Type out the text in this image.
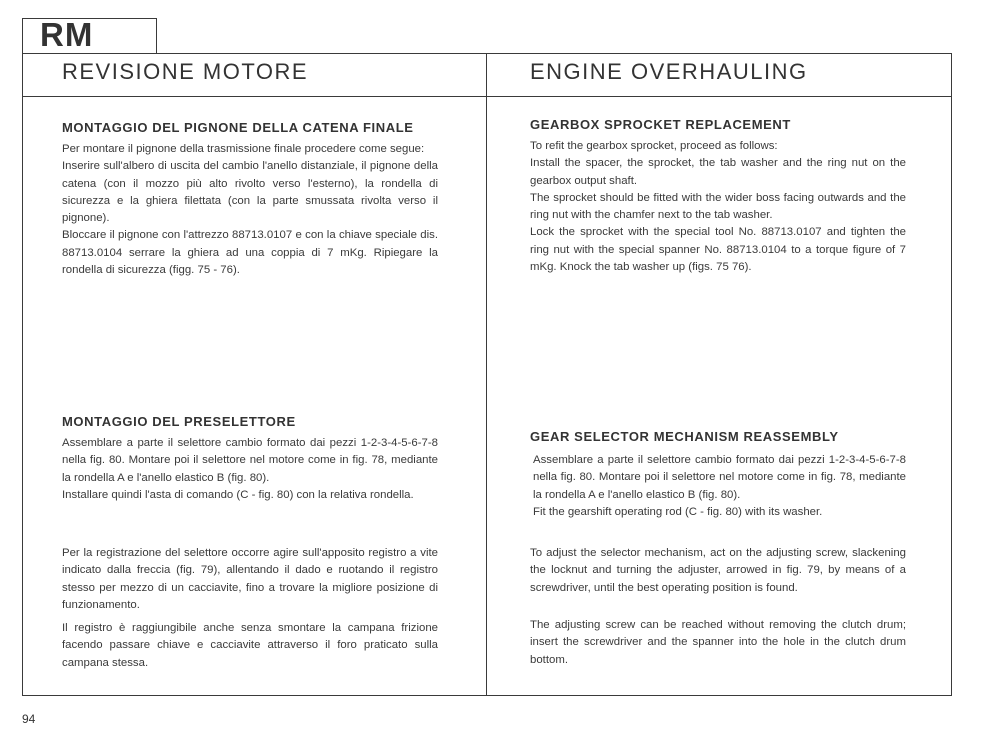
RM
REVISIONE MOTORE	ENGINE OVERHAULING
MONTAGGIO DEL PIGNONE DELLA CATENA FINALE

Per montare il pignone della trasmissione finale procedere come segue:
Inserire sull'albero di uscita del cambio l'anello distanziale, il pignone della catena (con il mozzo più alto rivolto verso l'esterno), la rondella di sicurezza e la ghiera filettata (con la parte smussata rivolta verso il pignone).
Bloccare il pignone con l'attrezzo 88713.0107 e con la chiave speciale dis. 88713.0104 serrare la ghiera ad una coppia di 7 mKg. Ripiegare la rondella di sicurezza (figg. 75 - 76).

MONTAGGIO DEL PRESELETTORE

Assemblare a parte il selettore cambio formato dai pezzi 1-2-3-4-5-6-7-8 nella fig. 80. Montare poi il selettore nel motore come in fig. 78, mediante la rondella A e l'anello elastico B (fig. 80).
Installare quindi l'asta di comando (C - fig. 80) con la relativa rondella.

Per la registrazione del selettore occorre agire sull'apposito registro a vite indicato dalla freccia (fig. 79), allentando il dado e ruotando il registro stesso per mezzo di un cacciavite, fino a trovare la migliore posizione di funzionamento.

Il registro è raggiungibile anche senza smontare la campana frizione facendo passare chiave e cacciavite attraverso il foro praticato sulla campana stessa.

GEARBOX SPROCKET REPLACEMENT

To refit the gearbox sprocket, proceed as follows:
Install the spacer, the sprocket, the tab washer and the ring nut on the gearbox output shaft.
The sprocket should be fitted with the wider boss facing outwards and the ring nut with the chamfer next to the tab washer.
Lock the sprocket with the special tool No. 88713.0107 and tighten the ring nut with the special spanner No. 88713.0104 to a torque figure of 7 mKg. Knock the tab washer up (figs. 75 76).

GEAR SELECTOR MECHANISM REASSEMBLY

Assemblare a parte il selettore cambio formato dai pezzi 1-2-3-4-5-6-7-8 nella fig. 80. Montare poi il selettore nel motore come in fig. 78, mediante la rondella A e l'anello elastico B (fig. 80).
Fit the gearshift operating rod (C - fig. 80) with its washer.

To adjust the selector mechanism, act on the adjusting screw, slackening the locknut and turning the adjuster, arrowed in fig. 79, by means of a screwdriver, until the best operating position is found.

The adjusting screw can be reached without removing the clutch drum; insert the screwdriver and the spanner into the hole in the clutch drum bottom.

94
